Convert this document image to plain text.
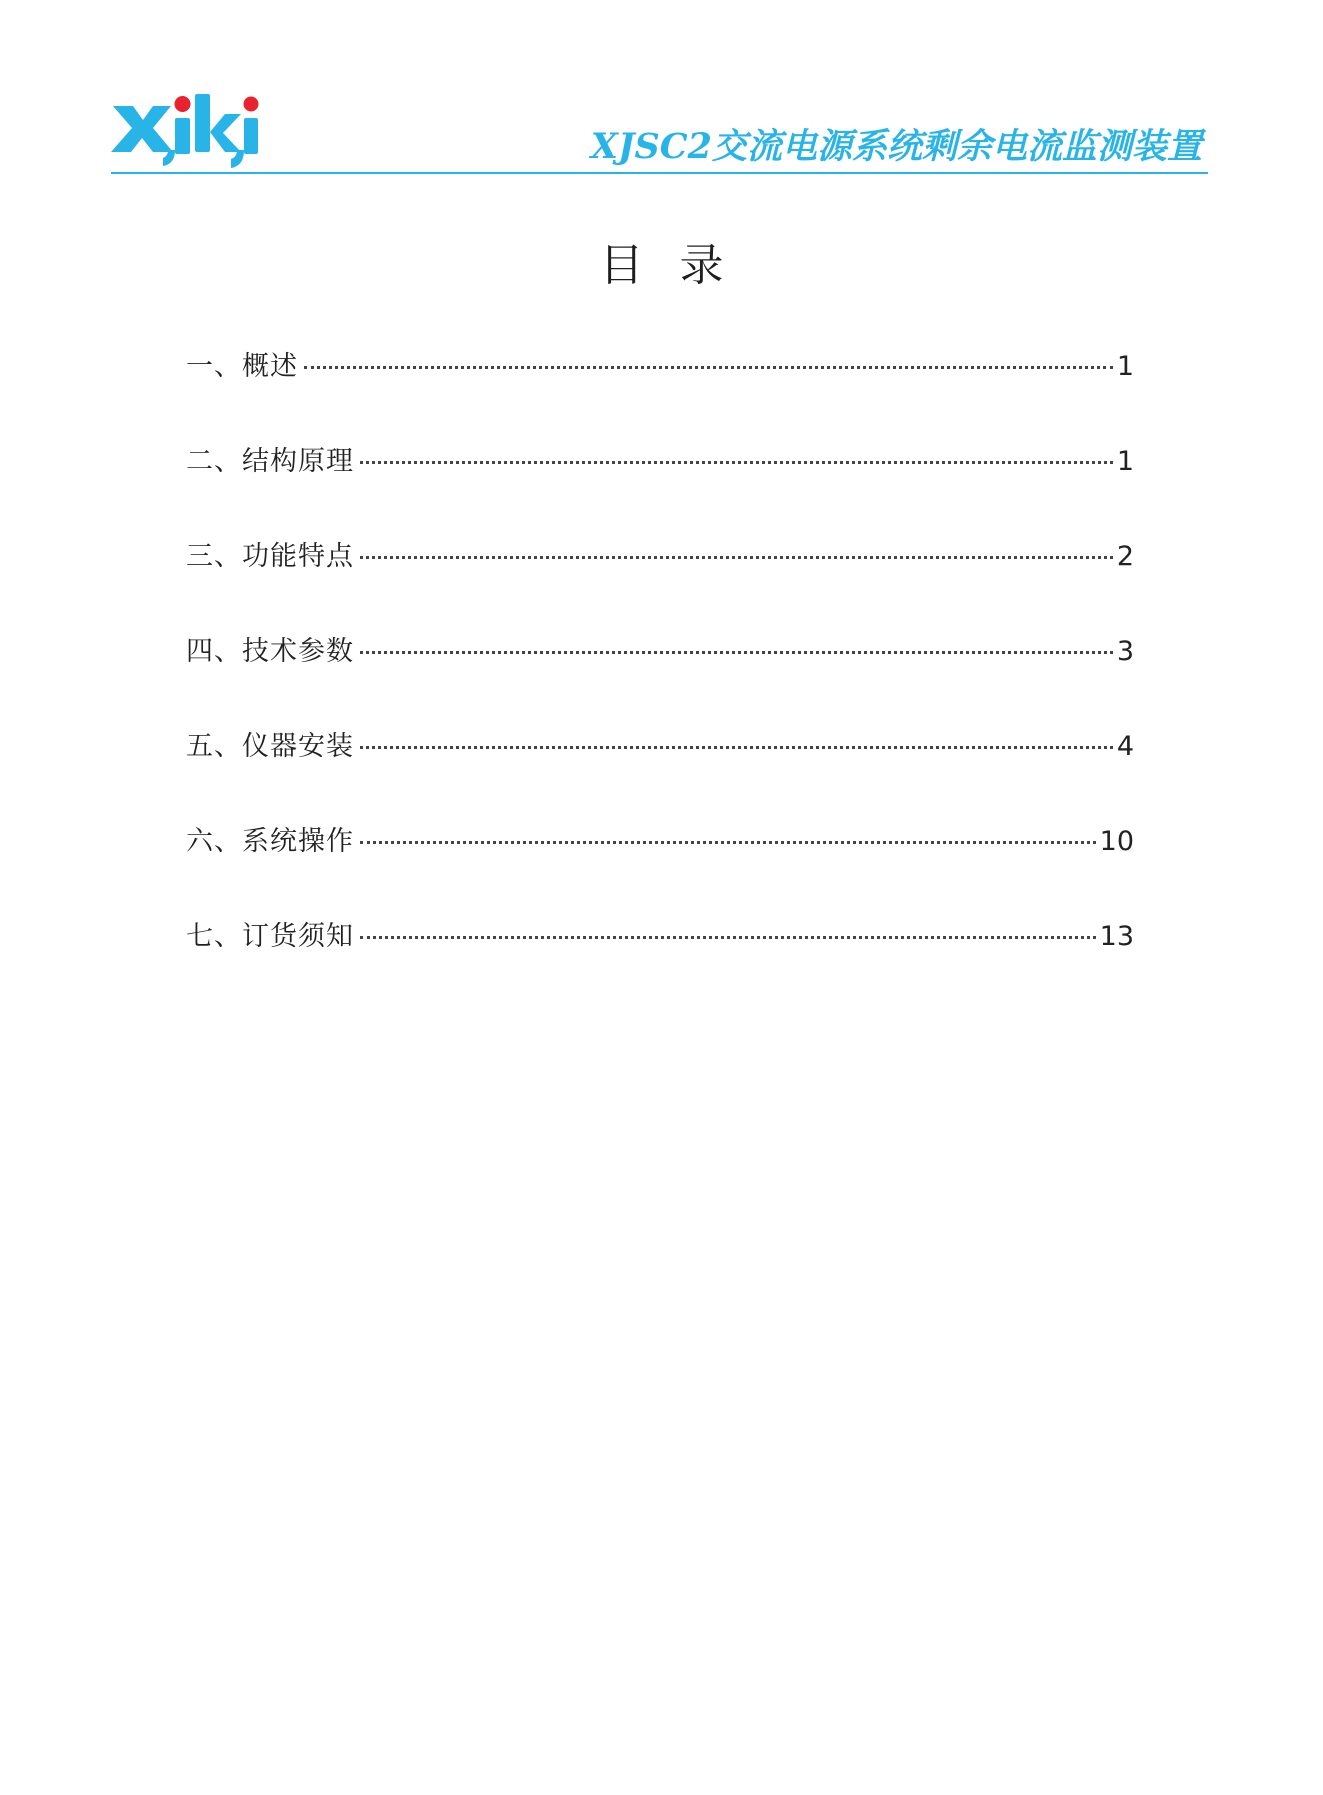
XJSC2交流电源系统剩余电流监测装置
目录
一、概述	1
二、结构原理	1
三、功能特点	2
四、技术参数	3
五、仪器安装	4
六、系统操作	10
七、订货须知	13
